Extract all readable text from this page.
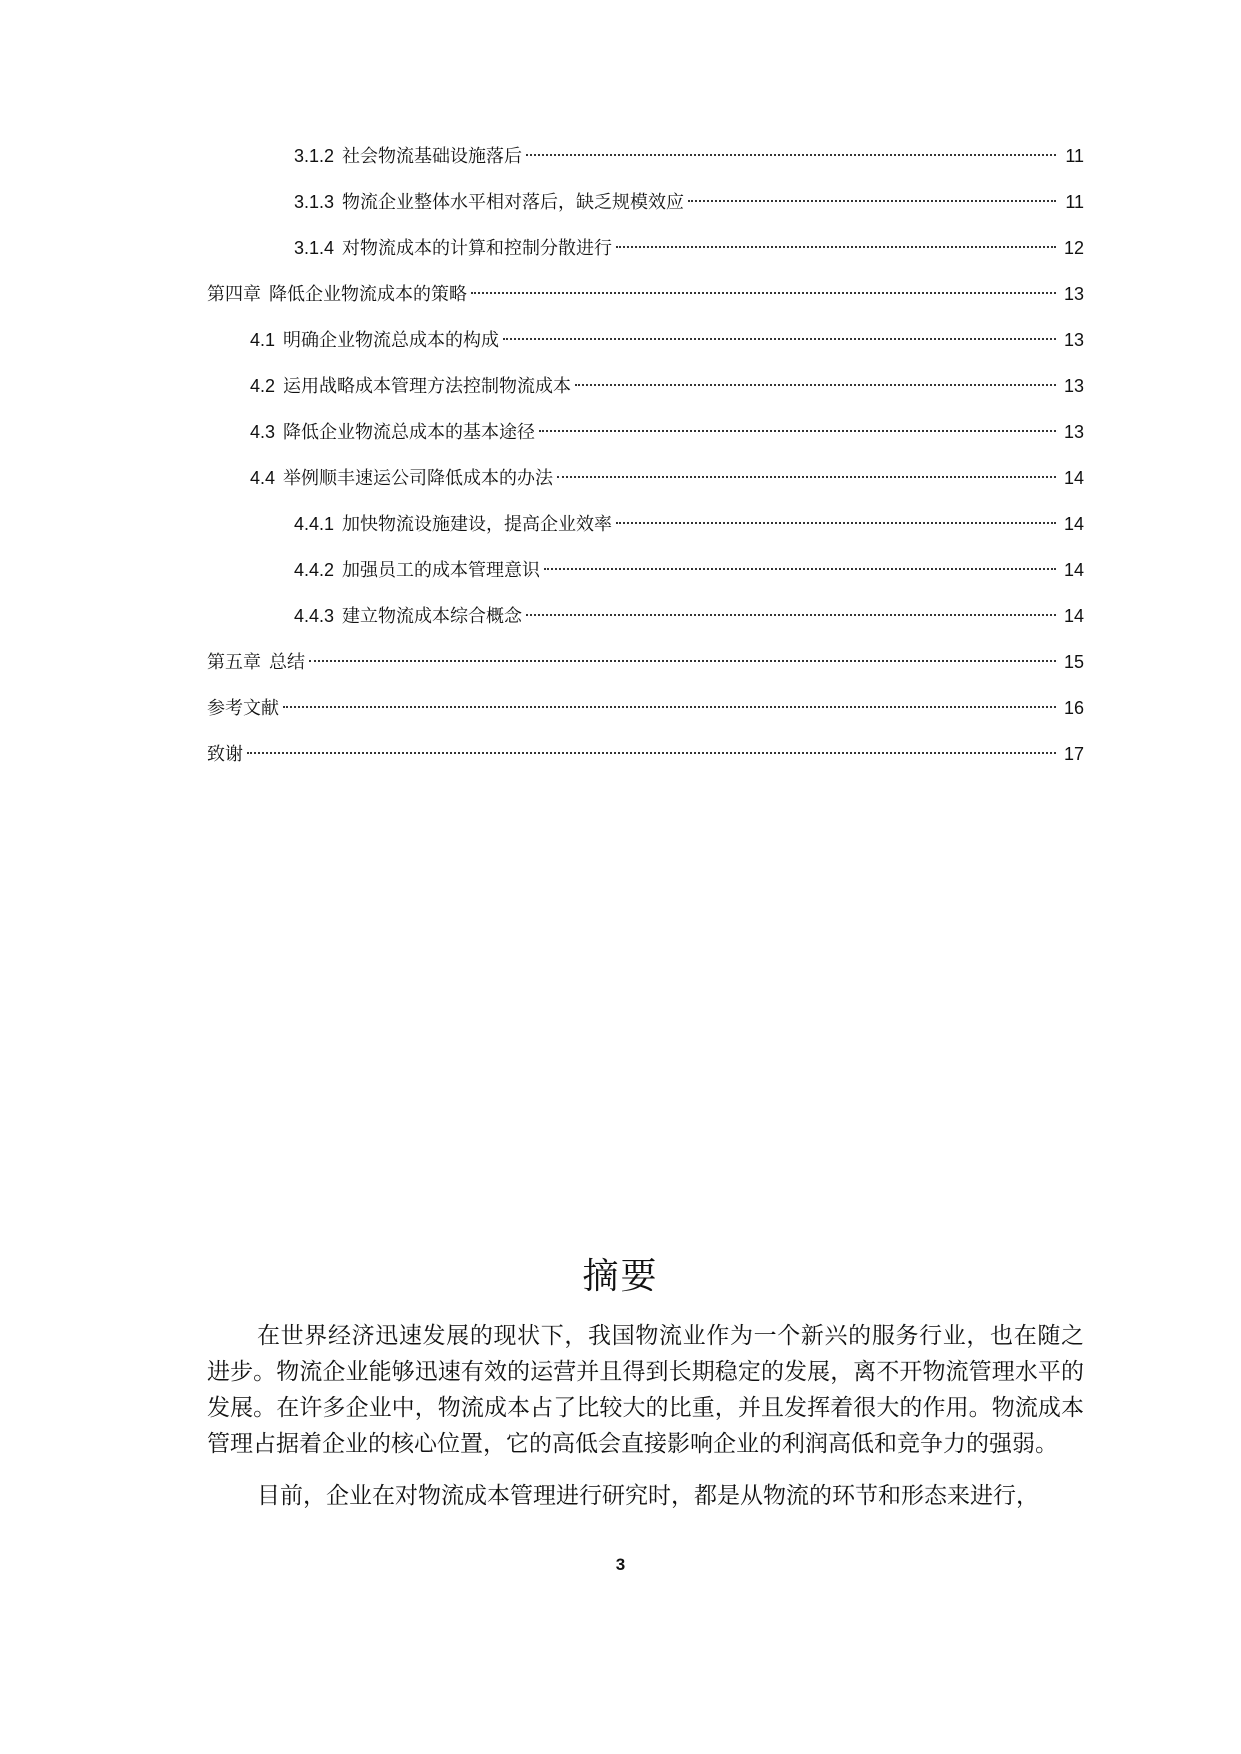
3.1.2 社会物流基础设施落后	11
3.1.3 物流企业整体水平相对落后，缺乏规模效应	11
3.1.4 对物流成本的计算和控制分散进行	12
第四章 降低企业物流成本的策略	13
4.1 明确企业物流总成本的构成	13
4.2 运用战略成本管理方法控制物流成本	13
4.3 降低企业物流总成本的基本途径	13
4.4 举例顺丰速运公司降低成本的办法	14
4.4.1 加快物流设施建设，提高企业效率	14
4.4.2 加强员工的成本管理意识	14
4.4.3 建立物流成本综合概念	14
第五章 总结	15
参考文献	16
致谢	17
摘要

在世界经济迅速发展的现状下，我国物流业作为一个新兴的服务行业，也在随之进步。物流企业能够迅速有效的运营并且得到长期稳定的发展，离不开物流管理水平的发展。在许多企业中，物流成本占了比较大的比重，并且发挥着很大的作用。物流成本管理占据着企业的核心位置，它的高低会直接影响企业的利润高低和竞争力的强弱。

目前，企业在对物流成本管理进行研究时，都是从物流的环节和形态来进行，

3
